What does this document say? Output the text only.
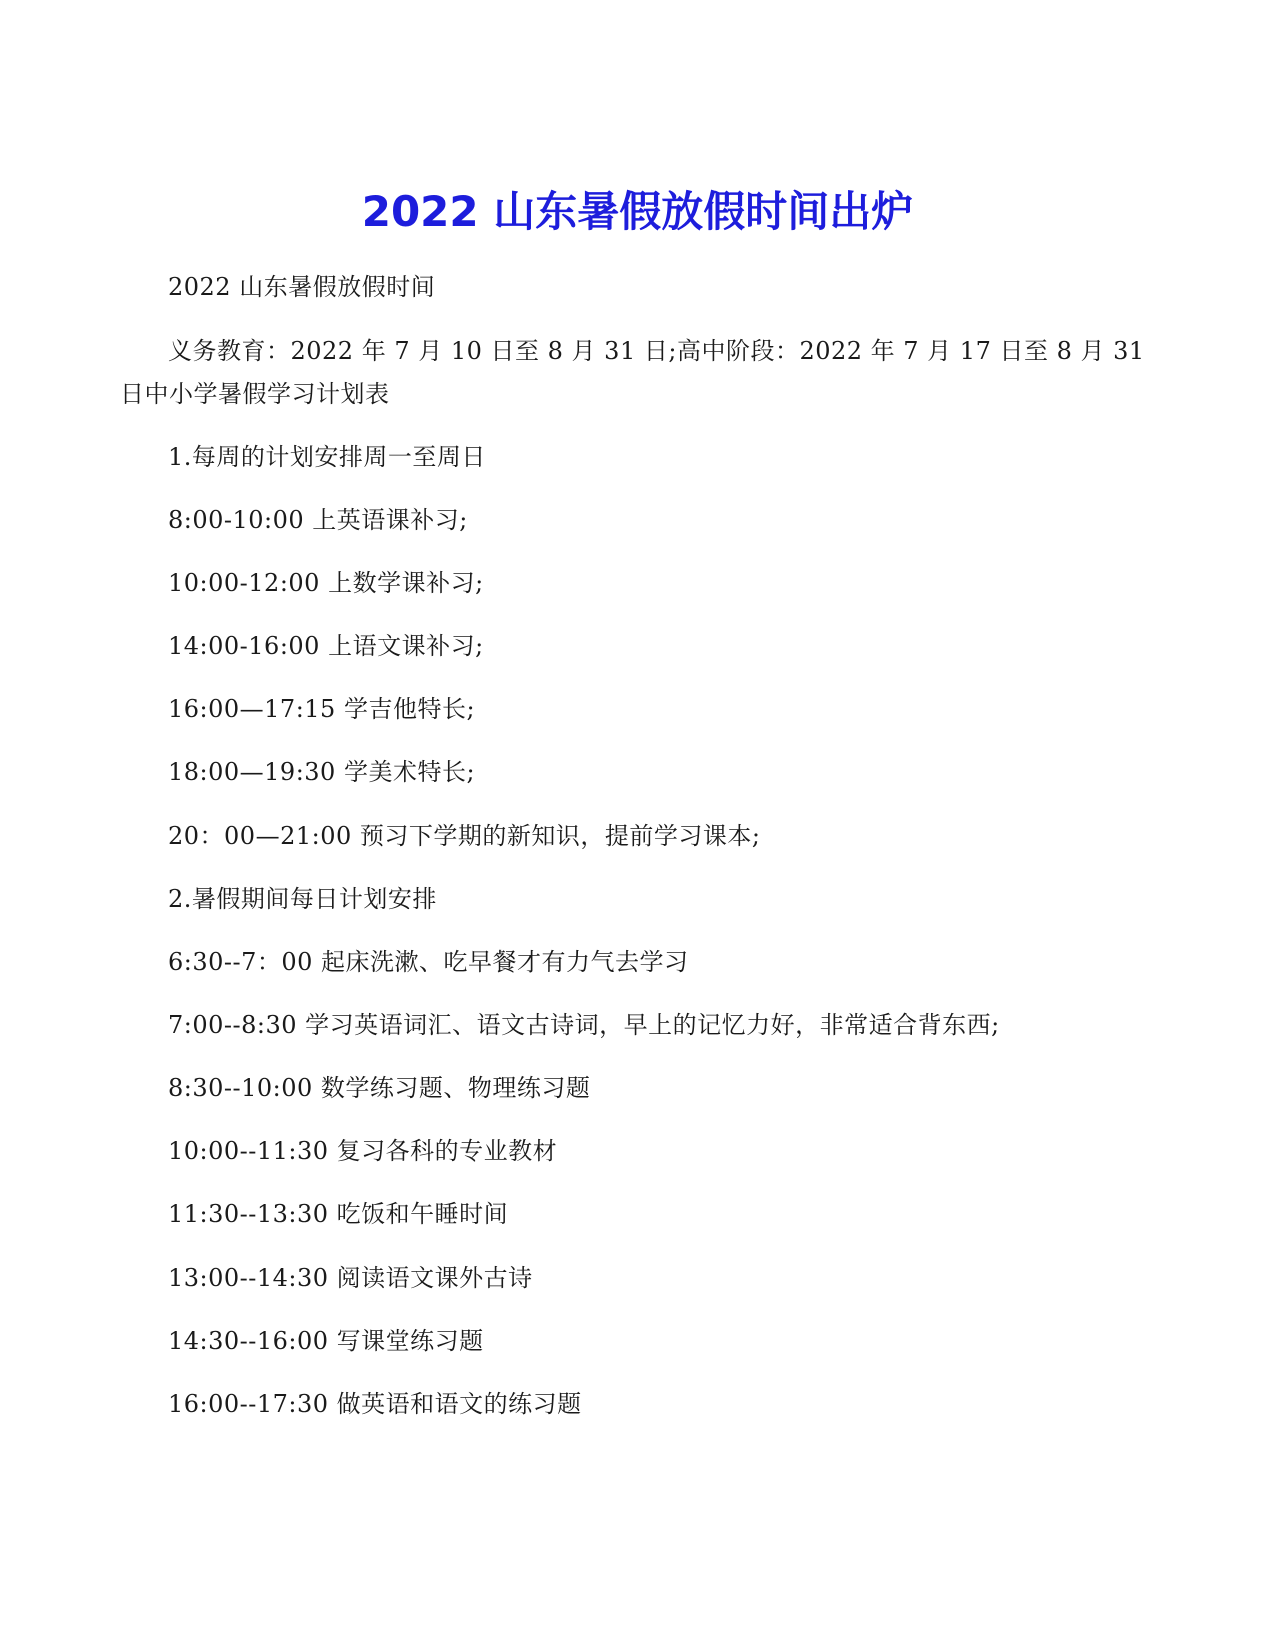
2022 山东暑假放假时间出炉
2022 山东暑假放假时间
义务教育：2022 年 7 月 10 日至 8 月 31 日;高中阶段：2022 年 7 月 17 日至 8 月 31
日中小学暑假学习计划表
1.每周的计划安排周一至周日
8:00-10:00 上英语课补习;
10:00-12:00 上数学课补习;
14:00-16:00 上语文课补习;
16:00—17:15 学吉他特长;
18:00—19:30 学美术特长;
20：00—21:00 预习下学期的新知识，提前学习课本;
2.暑假期间每日计划安排
6:30--7：00 起床洗漱、吃早餐才有力气去学习
7:00--8:30 学习英语词汇、语文古诗词，早上的记忆力好，非常适合背东西;
8:30--10:00 数学练习题、物理练习题
10:00--11:30 复习各科的专业教材
11:30--13:30 吃饭和午睡时间
13:00--14:30 阅读语文课外古诗
14:30--16:00 写课堂练习题
16:00--17:30 做英语和语文的练习题
